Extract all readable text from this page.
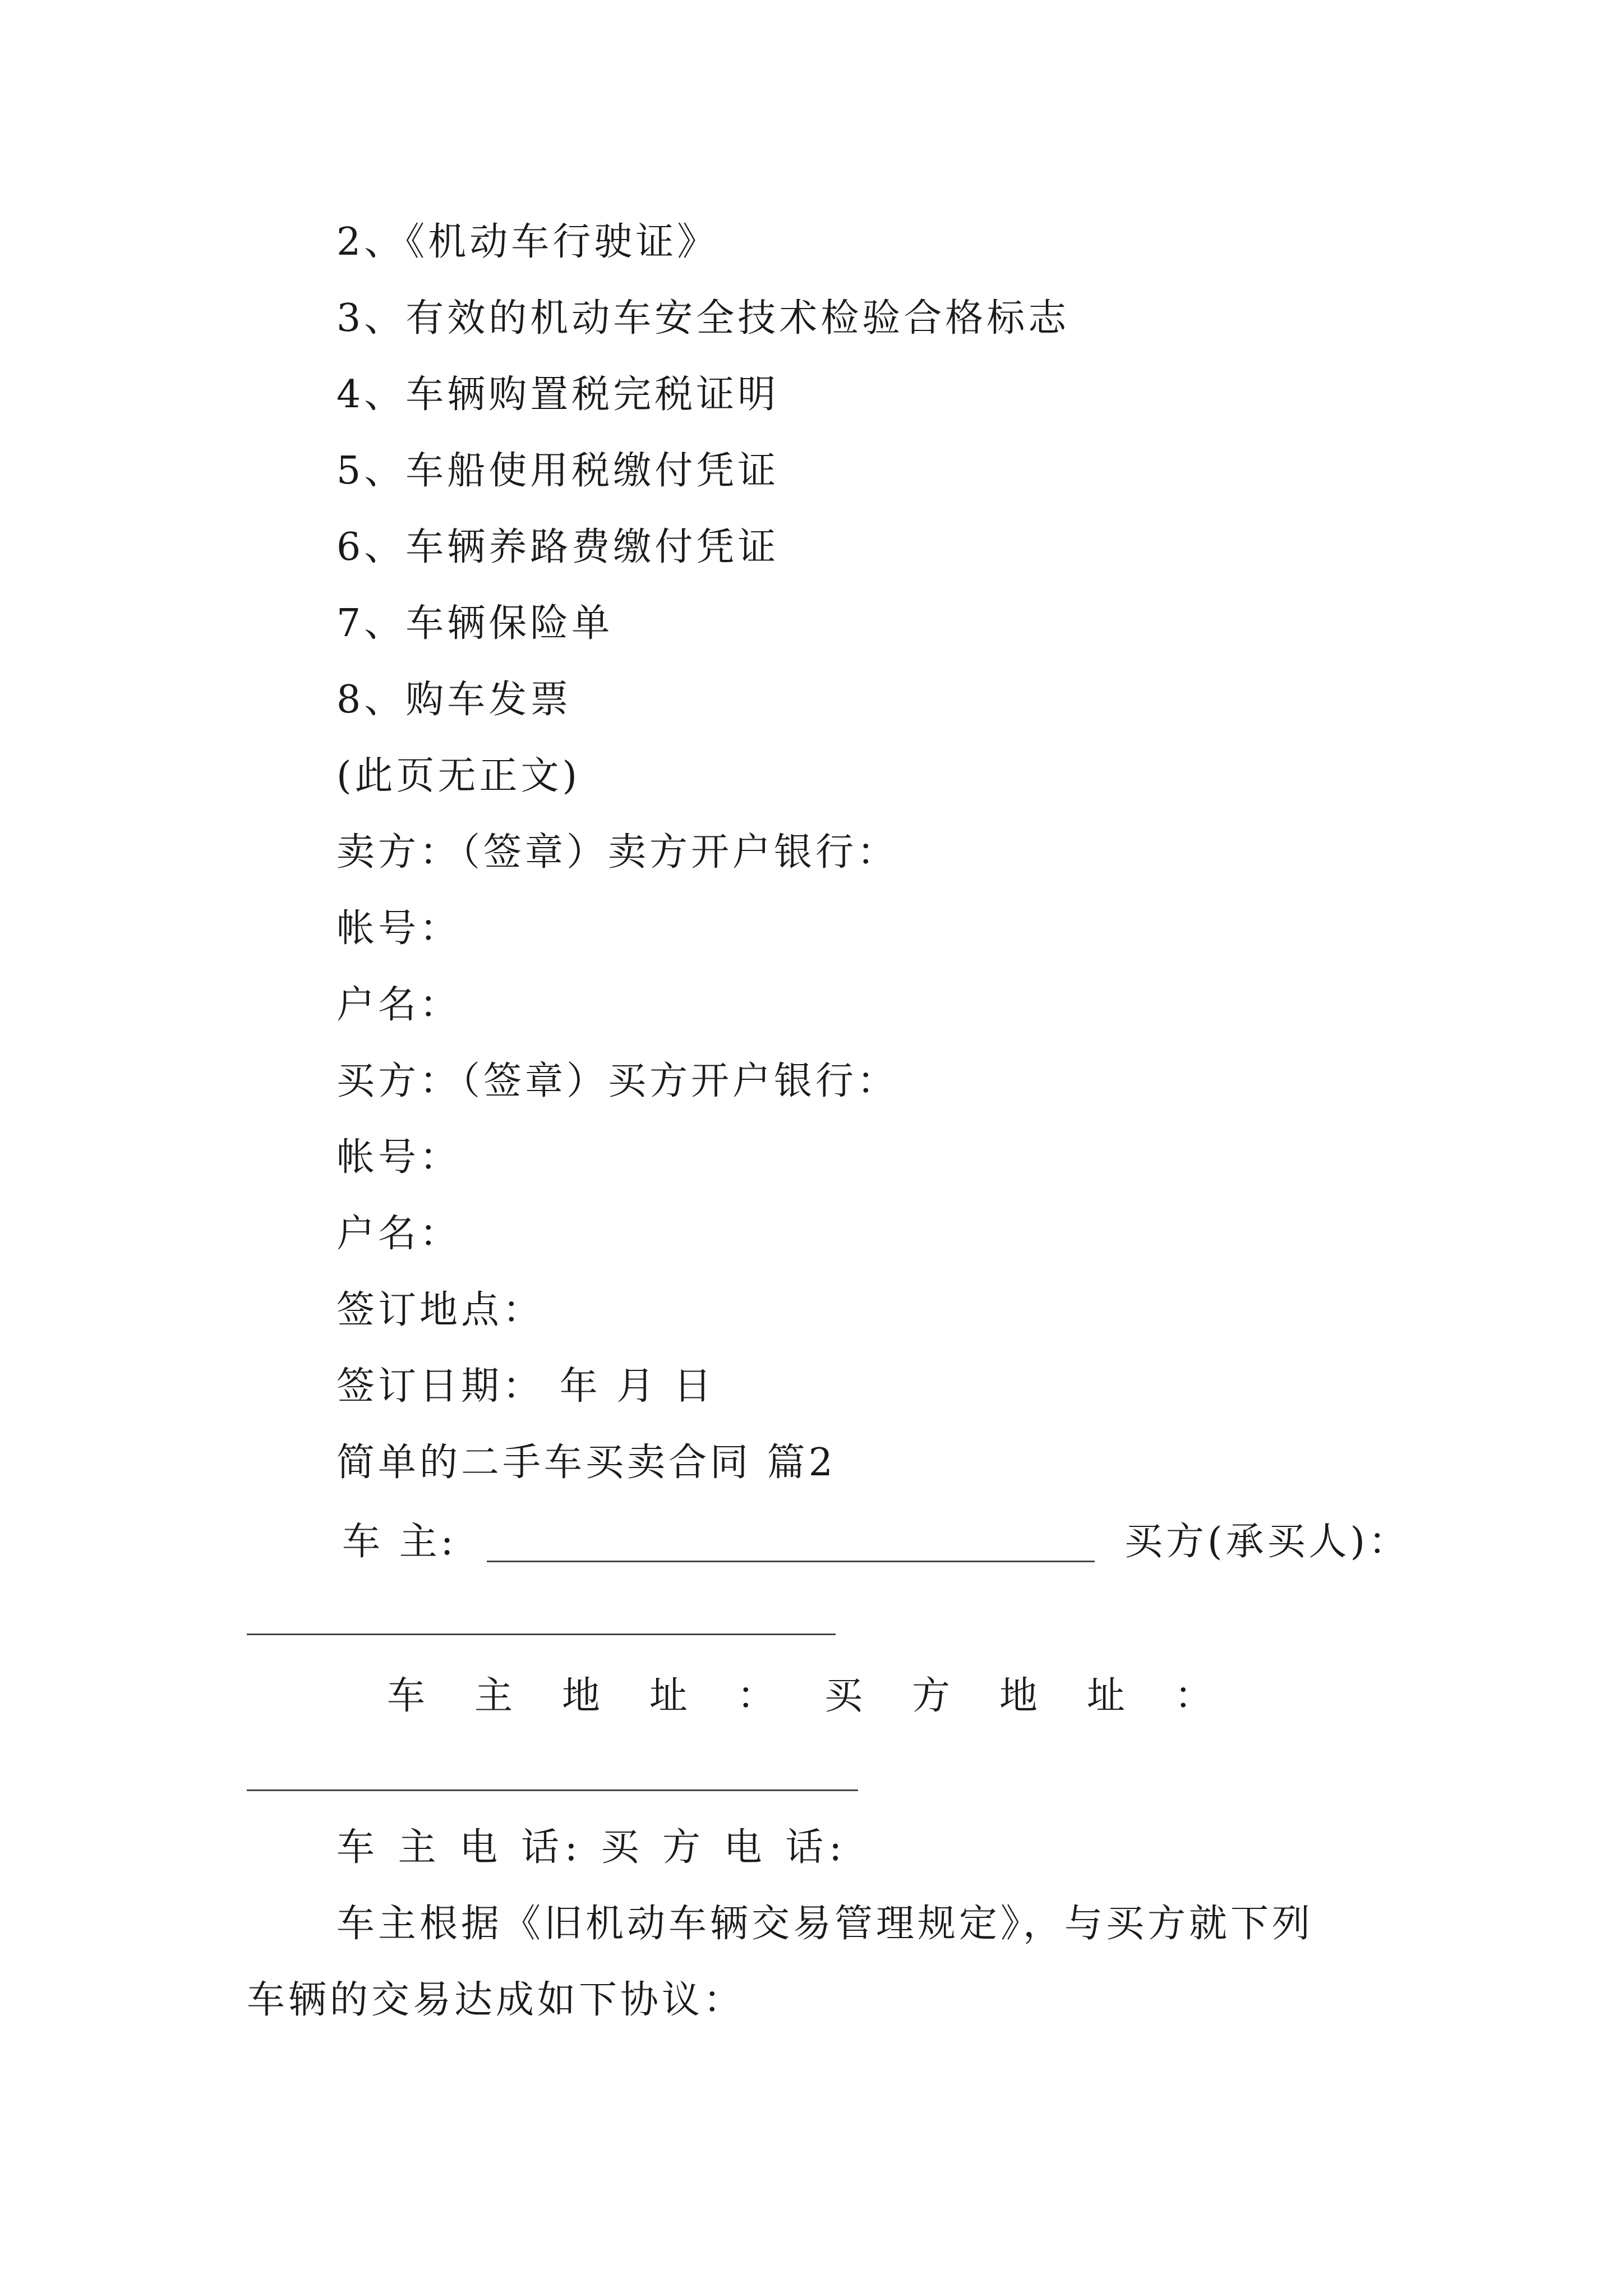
2、《机动车行驶证》
3、有效的机动车安全技术检验合格标志
4、车辆购置税完税证明
5、车船使用税缴付凭证
6、车辆养路费缴付凭证
7、车辆保险单
8、购车发票
(此页无正文)
卖方：（签章）卖方开户银行：
帐号：
户名：
买方：（签章）买方开户银行：
帐号：
户名：
签订地点：
签订日期： 年 月 日
简单的二手车买卖合同 篇2
车 主:	买方(承买人)：
车主地址：买方地址：
车 主 电 话: 买 方 电 话:
车主根据《旧机动车辆交易管理规定》，与买方就下列
车辆的交易达成如下协议：
